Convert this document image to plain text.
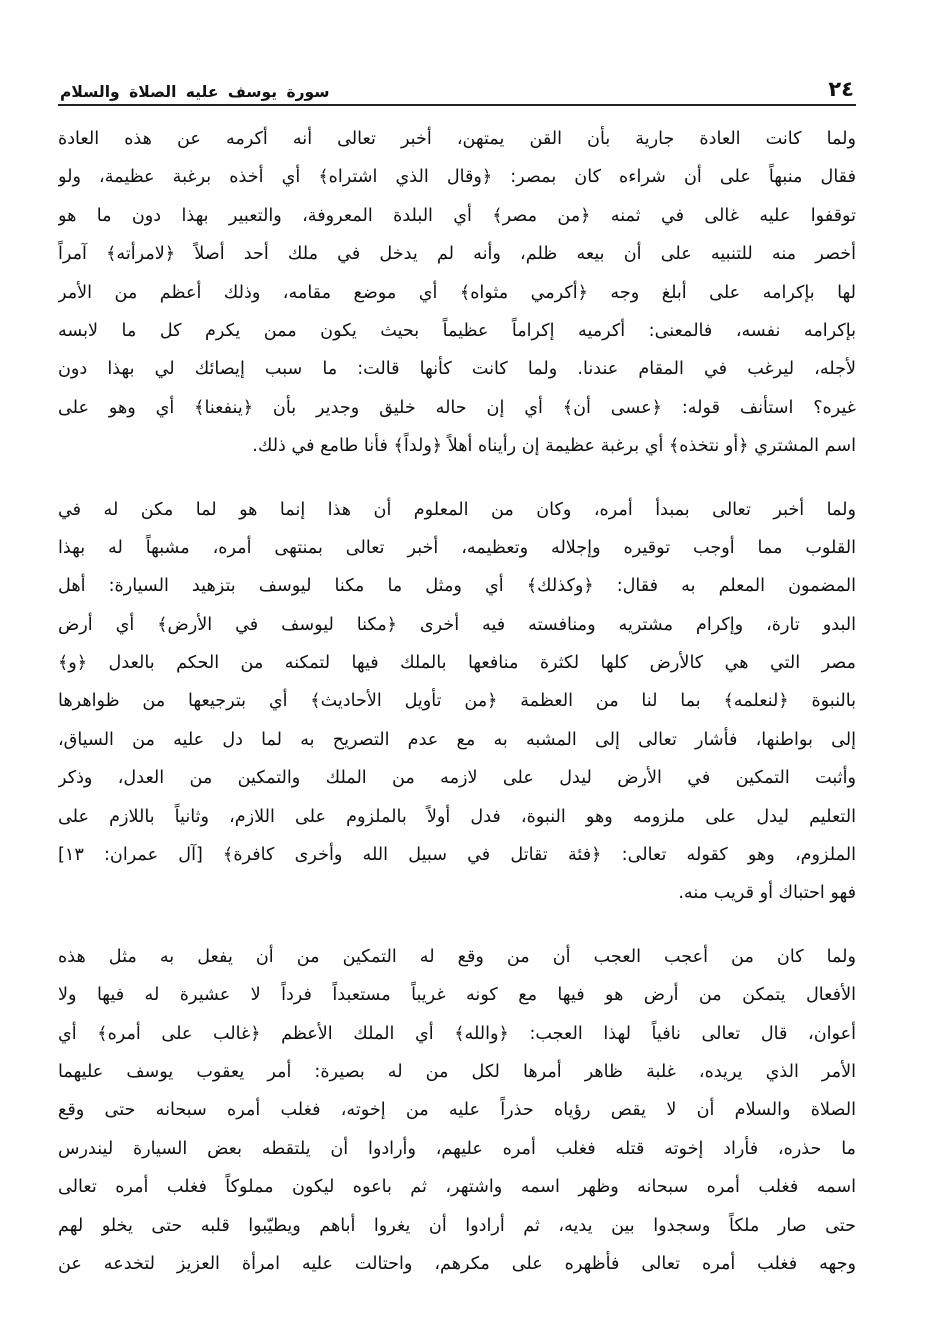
٢٤
سورة يوسف عليه الصلاة والسلام
ولما كانت العادة جارية بأن القن يمتهن، أخبر تعالى أنه أكرمه عن هذه العادة
فقال منبهاً على أن شراءه كان بمصر: ﴿وقال الذي اشتراه﴾ أي أخذه برغبة عظيمة، ولو
توقفوا عليه غالى في ثمنه ﴿من مصر﴾ أي البلدة المعروفة، والتعبير بهذا دون ما هو
أخصر منه للتنبيه على أن بيعه ظلم، وأنه لم يدخل في ملك أحد أصلاً ﴿لامرأته﴾ آمراً
لها بإكرامه على أبلغ وجه ﴿أكرمي مثواه﴾ أي موضع مقامه، وذلك أعظم من الأمر
بإكرامه نفسه، فالمعنى: أكرميه إكراماً عظيماً بحيث يكون ممن يكرم كل ما لابسه
لأجله، ليرغب في المقام عندنا. ولما كانت كأنها قالت: ما سبب إيصائك لي بهذا دون
غيره؟ استأنف قوله: ﴿عسى أن﴾ أي إن حاله خليق وجدير بأن ﴿ينفعنا﴾ أي وهو على
اسم المشتري ﴿أو نتخذه﴾ أي برغبة عظيمة إن رأيناه أهلاً ﴿ولداً﴾ فأنا طامع في ذلك.
ولما أخبر تعالى بمبدأ أمره، وكان من المعلوم أن هذا إنما هو لما مكن له في
القلوب مما أوجب توقيره وإجلاله وتعظيمه، أخبر تعالى بمنتهى أمره، مشبهاً له بهذا
المضمون المعلم به فقال: ﴿وكذلك﴾ أي ومثل ما مكنا ليوسف بتزهيد السيارة: أهل
البدو تارة، وإكرام مشتريه ومنافسته فيه أخرى ﴿مكنا ليوسف في الأرض﴾ أي أرض
مصر التي هي كالأرض كلها لكثرة منافعها بالملك فيها لتمكنه من الحكم بالعدل ﴿و﴾
بالنبوة ﴿لنعلمه﴾ بما لنا من العظمة ﴿من تأويل الأحاديث﴾ أي بترجيعها من ظواهرها
إلى بواطنها، فأشار تعالى إلى المشبه به مع عدم التصريح به لما دل عليه من السياق،
وأثبت التمكين في الأرض ليدل على لازمه من الملك والتمكين من العدل، وذكر
التعليم ليدل على ملزومه وهو النبوة، فدل أولاً بالملزوم على اللازم، وثانياً باللازم على
الملزوم، وهو كقوله تعالى: ﴿فئة تقاتل في سبيل الله وأخرى كافرة﴾ [آل عمران: ١٣]
فهو احتباك أو قريب منه.
ولما كان من أعجب العجب أن من وقع له التمكين من أن يفعل به مثل هذه
الأفعال يتمكن من أرض هو فيها مع كونه غريباً مستعبداً فرداً لا عشيرة له فيها ولا
أعوان، قال تعالى نافياً لهذا العجب: ﴿والله﴾ أي الملك الأعظم ﴿غالب على أمره﴾ أي
الأمر الذي يريده، غلبة ظاهر أمرها لكل من له بصيرة: أمر يعقوب يوسف عليهما
الصلاة والسلام أن لا يقص رؤياه حذراً عليه من إخوته، فغلب أمره سبحانه حتى وقع
ما حذره، فأراد إخوته قتله فغلب أمره عليهم، وأرادوا أن يلتقطه بعض السيارة ليندرس
اسمه فغلب أمره سبحانه وظهر اسمه واشتهر، ثم باعوه ليكون مملوكاً فغلب أمره تعالى
حتى صار ملكاً وسجدوا بين يديه، ثم أرادوا أن يغروا أباهم ويطيّبوا قلبه حتى يخلو لهم
وجهه فغلب أمره تعالى فأظهره على مكرهم، واحتالت عليه امرأة العزيز لتخدعه عن
